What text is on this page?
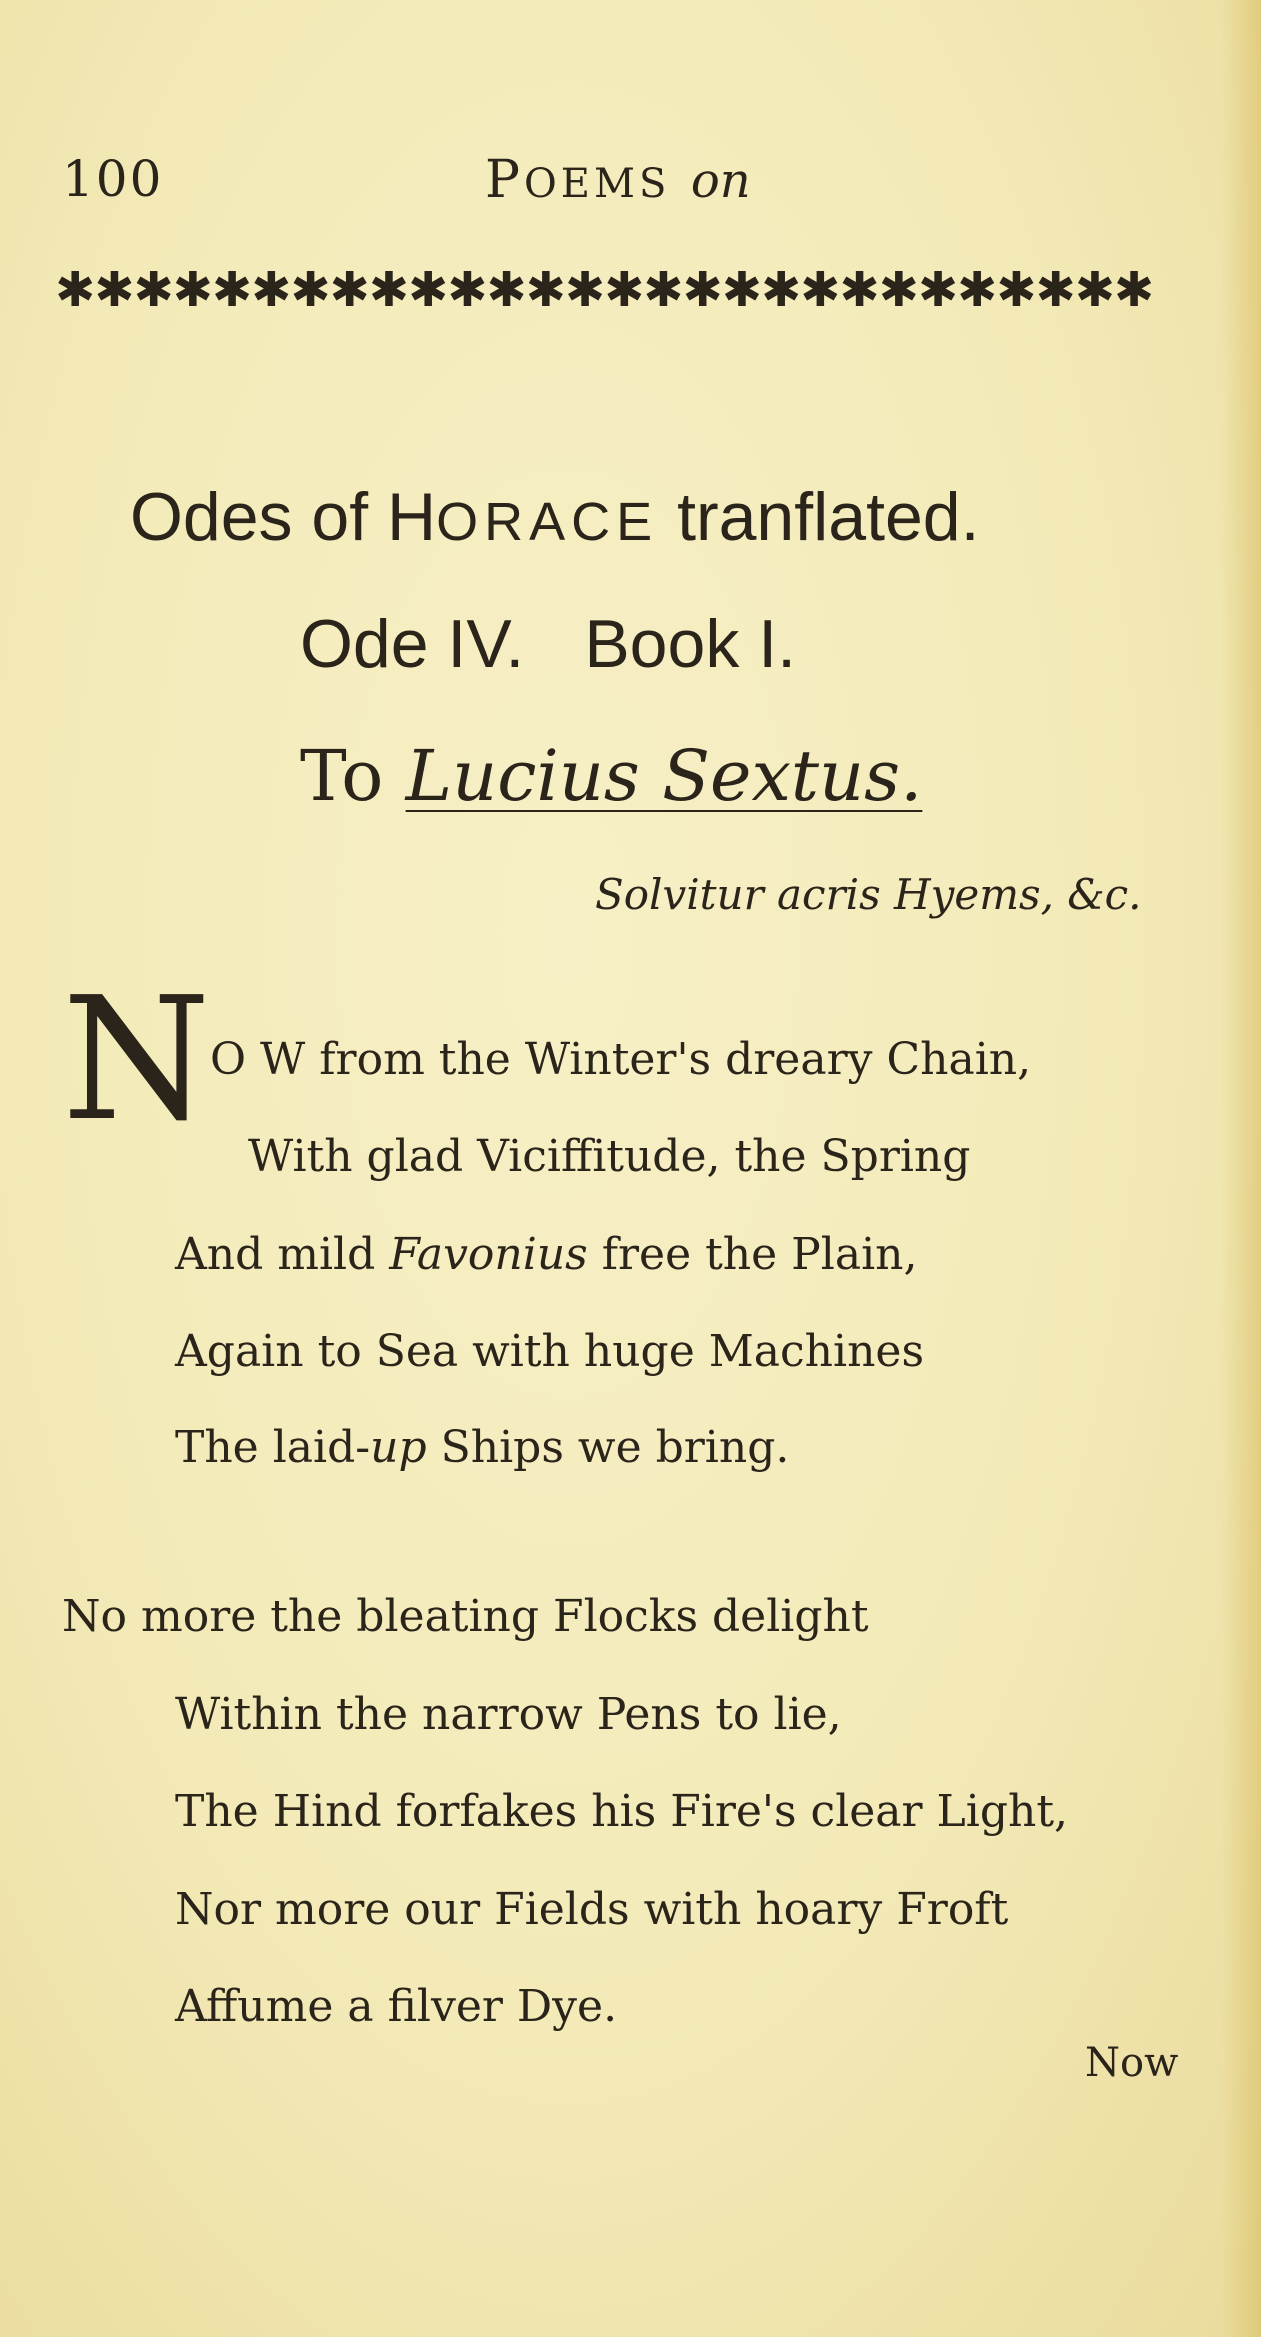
100	POEMS on
✱✱✱✱✱✱✱✱✱✱✱✱✱✱✱✱✱✱✱✱✱✱✱✱✱✱✱✱
Odes of HORACE tranflated.
Ode IV. Book I.
To Lucius Sextus.
Solvitur acris Hyems, &c.
N O W from the Winter's dreary Chain,
With glad Viciffitude, the Spring
And mild Favonius free the Plain,
Again to Sea with huge Machines
The laid-up Ships we bring.
No more the bleating Flocks delight
Within the narrow Pens to lie,
The Hind forfakes his Fire's clear Light,
Nor more our Fields with hoary Froft
Affume a filver Dye.
Now
